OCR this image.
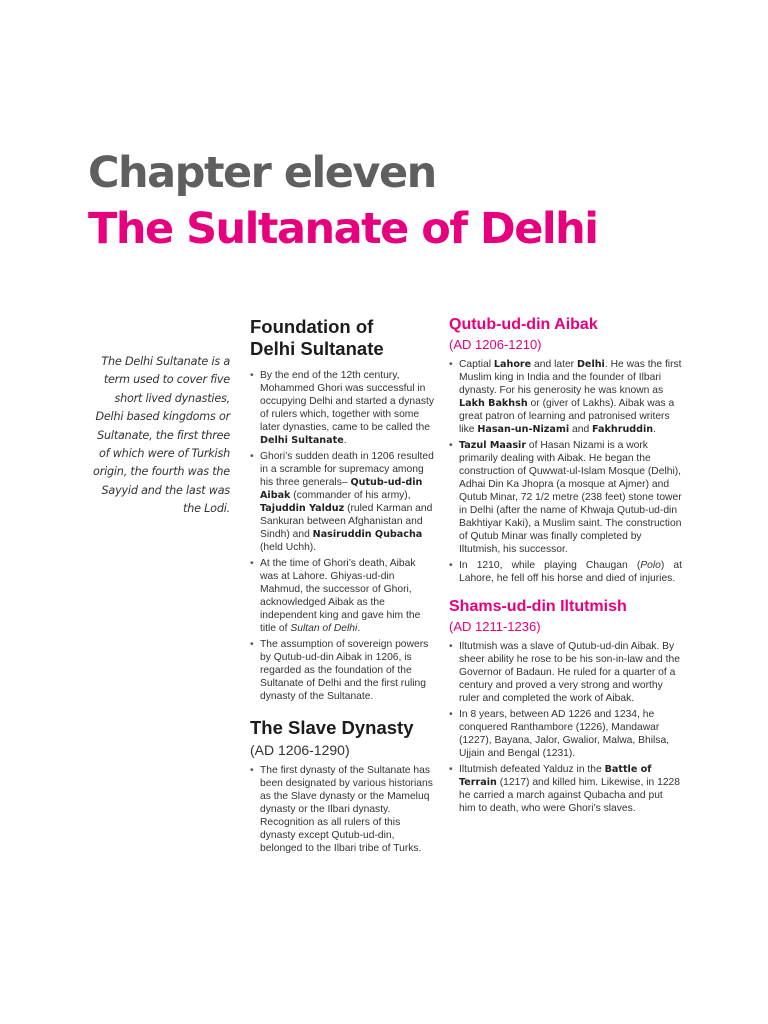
Chapter eleven
The Sultanate of Delhi
The Delhi Sultanate is a term used to cover five short lived dynasties, Delhi based kingdoms or Sultanate, the first three of which were of Turkish origin, the fourth was the Sayyid and the last was the Lodi.
Foundation of
Delhi Sultanate
• By the end of the 12th century, Mohammed Ghori was successful in occupying Delhi and started a dynasty of rulers which, together with some later dynasties, came to be called the Delhi Sultanate.
• Ghori’s sudden death in 1206 resulted in a scramble for supremacy among his three generals– Qutub-ud-din Aibak (commander of his army), Tajuddin Yalduz (ruled Karman and Sankuran between Afghanistan and Sindh) and Nasiruddin Qubacha (held Uchh).
• At the time of Ghori’s death, Aibak was at Lahore. Ghiyas-ud-din Mahmud, the successor of Ghori, acknowledged Aibak as the independent king and gave him the title of Sultan of Delhi.
• The assumption of sovereign powers by Qutub-ud-din Aibak in 1206, is regarded as the foundation of the Sultanate of Delhi and the first ruling dynasty of the Sultanate.
The Slave Dynasty
(AD 1206-1290)
• The first dynasty of the Sultanate has been designated by various historians as the Slave dynasty or the Mameluq dynasty or the Ilbari dynasty. Recognition as all rulers of this dynasty except Qutub-ud-din, belonged to the Ilbari tribe of Turks.
Qutub-ud-din Aibak
(AD 1206-1210)
• Captial Lahore and later Delhi. He was the first Muslim king in India and the founder of Ilbari dynasty. For his generosity he was known as Lakh Bakhsh or (giver of Lakhs). Aibak was a great patron of learning and patronised writers like Hasan-un-Nizami and Fakhruddin.
• Tazul Maasir of Hasan Nizami is a work primarily dealing with Aibak. He began the construction of Quwwat-ul-Islam Mosque (Delhi), Adhai Din Ka Jhopra (a mosque at Ajmer) and Qutub Minar, 72 1/2 metre (238 feet) stone tower in Delhi (after the name of Khwaja Qutub-ud-din Bakhtiyar Kaki), a Muslim saint. The construction of Qutub Minar was finally completed by Iltutmish, his successor.
• In 1210, while playing Chaugan (Polo) at Lahore, he fell off his horse and died of injuries.
Shams-ud-din Iltutmish
(AD 1211-1236)
• Iltutmish was a slave of Qutub-ud-din Aibak. By sheer ability he rose to be his son-in-law and the Governor of Badaun. He ruled for a quarter of a century and proved a very strong and worthy ruler and completed the work of Aibak.
• In 8 years, between AD 1226 and 1234, he conquered Ranthambore (1226), Mandawar (1227), Bayana, Jalor, Gwalior, Malwa, Bhilsa, Ujjain and Bengal (1231).
• Iltutmish defeated Yalduz in the Battle of Terrain (1217) and killed him. Likewise, in 1228 he carried a march against Qubacha and put him to death, who were Ghori’s slaves.
